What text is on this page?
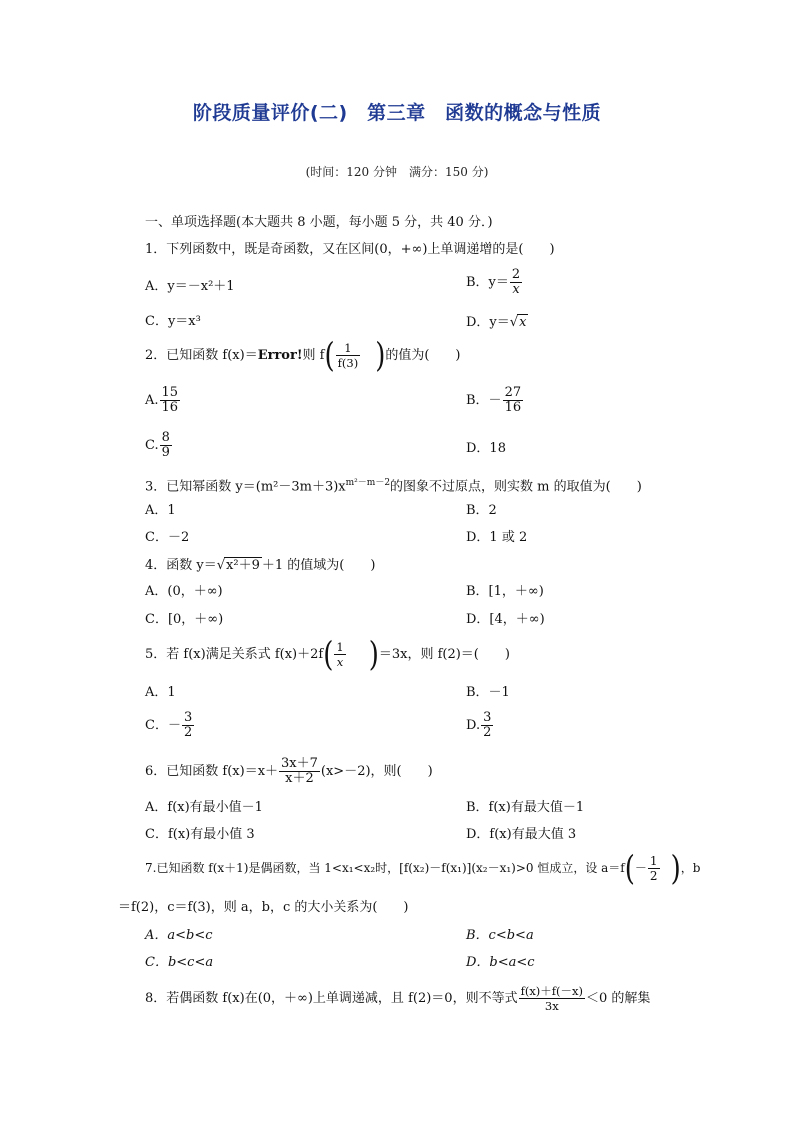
阶段质量评价(二)　第三章　函数的概念与性质
(时间：120 分钟　满分：150 分)
一、单项选择题(本大题共 8 小题，每小题 5 分，共 40 分．)
1．下列函数中，既是奇函数，又在区间(0，+∞)上单调递增的是(　　)
A．y＝－x²＋1	B．$y= \frac{2}{x}$
C．y＝x³	D．y＝√x
2．已知函数 f(x)＝Error!则 $f( \frac{1}{f(3)}$ )的值为(　　)
A. $\frac{15}{16}$	B．－ $\frac{27}{16}$
C. $\frac{8}{9}$	D．18
3．已知幂函数 $y=(m^2-3m+3)x^{m^2-m-2}$的图象不过原点，则实数 m 的取值为(　　)
A．1	B．2
C．－2	D．1 或 2
4．函数 y＝√x²＋9 ＋1 的值域为(　　)
A．(0，＋∞)	B．[1，＋∞)
C．[0，＋∞)	D．[4，＋∞)
5．若 f(x)满足关系式 $f(x)+2f( \frac{1}{x} )=3x$，则 f(2)＝(　　)
A．1	B．－1
C．－ $\frac{3}{2}$	D. $\frac{3}{2}$
6．已知函数 $f(x)=x+ \frac{3x+7}{x+2} (x>-2)$，则(　　)
A．f(x)有最小值－1	B．f(x)有最大值－1
C．f(x)有最小值 3	D．f(x)有最大值 3
7.已知函数 f(x＋1)是偶函数，当 1<x₁<x₂时，[f(x₂)－f(x₁)](x₂－x₁)>0 恒成立，设 $a=f(- \frac{1}{2}$ )，b
＝f(2)，c＝f(3)，则 a，b，c 的大小关系为(　　)
A．a<b<c	B．c<b<a
C．b<c<a	D．b<a<c
8．若偶函数 f(x)在(0，＋∞)上单调递减，且 f(2)＝0，则不等式 $\frac{f(x)+f(-x)}{3x} <0$ 的解集
